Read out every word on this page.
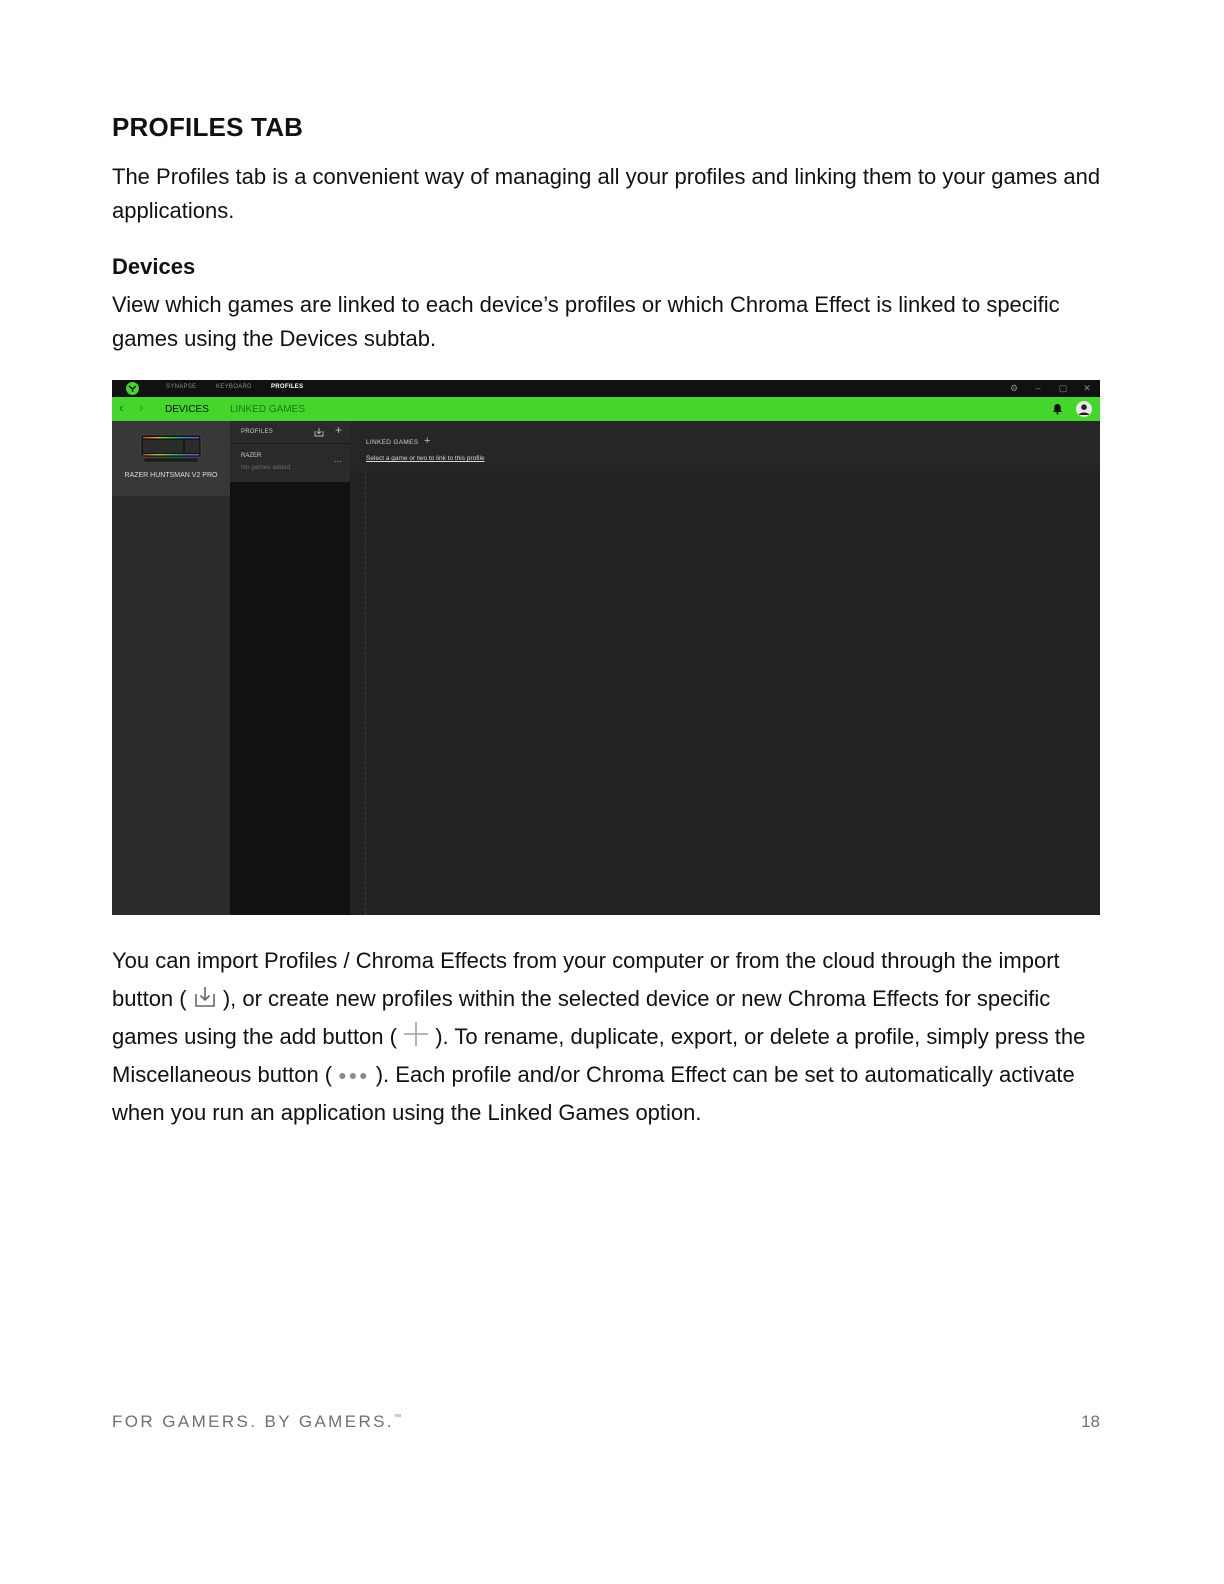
PROFILES TAB

The Profiles tab is a convenient way of managing all your profiles and linking them to your games and applications.

Devices

View which games are linked to each device’s profiles or which Chroma Effect is linked to specific games using the Devices subtab.

SYNAPSE	KEYBOARD	PROFILES	⚙	–	▢ ✕
‹ › DEVICES LINKED GAMES
RAZER HUNTSMAN V2 PRO
PROFILES	+
RAZER
No games added
...
LINKED GAMES +
Select a game or two to link to this profile

You can import Profiles / Chroma Effects from your computer or from the cloud through the import button (  ), or create new profiles within the selected device or new Chroma Effects for specific games using the add button (  ). To rename, duplicate, export, or delete a profile, simply press the Miscellaneous button ( ●●● ). Each profile and/or Chroma Effect can be set to automatically activate when you run an application using the Linked Games option.

FOR GAMERS. BY GAMERS.™	18
